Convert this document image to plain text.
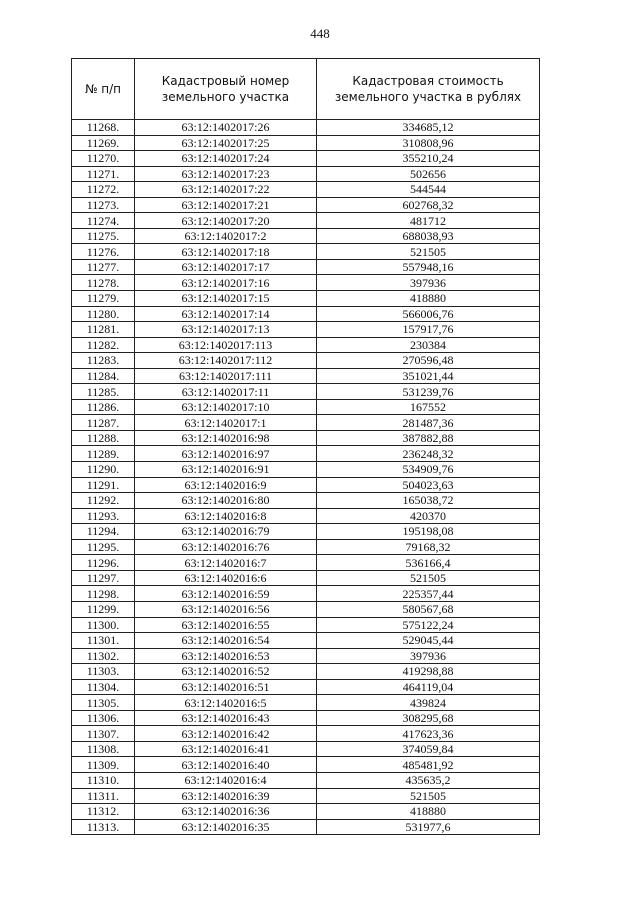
448
№ п/п	Кадастровый номер земельного участка	Кадастровая стоимость земельного участка в рублях
11268.	63:12:1402017:26	334685,12
11269.	63:12:1402017:25	310808,96
11270.	63:12:1402017:24	355210,24
11271.	63:12:1402017:23	502656
11272.	63:12:1402017:22	544544
11273.	63:12:1402017:21	602768,32
11274.	63:12:1402017:20	481712
11275.	63:12:1402017:2	688038,93
11276.	63:12:1402017:18	521505
11277.	63:12:1402017:17	557948,16
11278.	63:12:1402017:16	397936
11279.	63:12:1402017:15	418880
11280.	63:12:1402017:14	566006,76
11281.	63:12:1402017:13	157917,76
11282.	63:12:1402017:113	230384
11283.	63:12:1402017:112	270596,48
11284.	63:12:1402017:111	351021,44
11285.	63:12:1402017:11	531239,76
11286.	63:12:1402017:10	167552
11287.	63:12:1402017:1	281487,36
11288.	63:12:1402016:98	387882,88
11289.	63:12:1402016:97	236248,32
11290.	63:12:1402016:91	534909,76
11291.	63:12:1402016:9	504023,63
11292.	63:12:1402016:80	165038,72
11293.	63:12:1402016:8	420370
11294.	63:12:1402016:79	195198,08
11295.	63:12:1402016:76	79168,32
11296.	63:12:1402016:7	536166,4
11297.	63:12:1402016:6	521505
11298.	63:12:1402016:59	225357,44
11299.	63:12:1402016:56	580567,68
11300.	63:12:1402016:55	575122,24
11301.	63:12:1402016:54	529045,44
11302.	63:12:1402016:53	397936
11303.	63:12:1402016:52	419298,88
11304.	63:12:1402016:51	464119,04
11305.	63:12:1402016:5	439824
11306.	63:12:1402016:43	308295,68
11307.	63:12:1402016:42	417623,36
11308.	63:12:1402016:41	374059,84
11309.	63:12:1402016:40	485481,92
11310.	63:12:1402016:4	435635,2
11311.	63:12:1402016:39	521505
11312.	63:12:1402016:36	418880
11313.	63:12:1402016:35	531977,6
